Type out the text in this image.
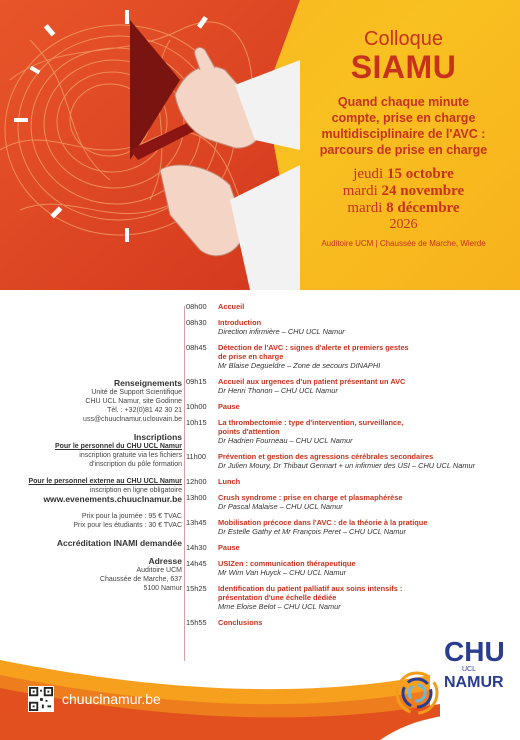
Colloque
SIAMU
Quand chaque minute
compte, prise en charge
multidisciplinaire de l'AVC :
parcours de prise en charge
jeudi 15 octobre
mardi 24 novembre
mardi 8 décembre
2026
Auditoire UCM | Chaussée de Marche, Wierde
Renseignements
Unité de Support Scientifique
CHU UCL Namur, site Godinne
Tél. : +32(0)81 42 30 21
uss@chuuclnamur.uclouvain.be
Inscriptions
Pour le personnel du CHU UCL Namur
inscription gratuite via les fichiers
d'inscription du pôle formation
Pour le personnel externe au CHU UCL Namur
inscription en ligne obligatoire
www.evenements.chuuclnamur.be
Prix pour la journée : 95 € TVAC
Prix pour les étudiants : 30 € TVAC
Accréditation INAMI demandée
Adresse
Auditoire UCM
Chaussée de Marche, 637
5100 Namur
08h00	Accueil
08h30	Introduction
Direction infirmière – CHU UCL Namur
08h45	Détection de l'AVC : signes d'alerte et premiers gestes
de prise en charge
Mr Blaise Degueldre – Zone de secours DINAPHI
09h15	Accueil aux urgences d'un patient présentant un AVC
Dr Henri Thonon – CHU UCL Namur
10h00	Pause
10h15	La thrombectomie : type d'intervention, surveillance,
points d'attention
Dr Hadrien Fourneau – CHU UCL Namur
11h00	Prévention et gestion des agressions cérébrales secondaires
Dr Julien Moury, Dr Thibaut Gennart + un infirmier des USI – CHU UCL Namur
12h00	Lunch
13h00	Crush syndrome : prise en charge et plasmaphérèse
Dr Pascal Malaise – CHU UCL Namur
13h45	Mobilisation précoce dans l'AVC : de la théorie à la pratique
Dr Estelle Gathy et Mr François Peret – CHU UCL Namur
14h30	Pause
14h45	USIZen : communication thérapeutique
Mr Wim Van Huyck – CHU UCL Namur
15h25	Identification du patient palliatif aux soins intensifs :
présentation d'une échelle dédiée
Mme Eloise Belot – CHU UCL Namur
15h55	Conclusions
chuuclnamur.be
CHU
UCL
NAMUR
